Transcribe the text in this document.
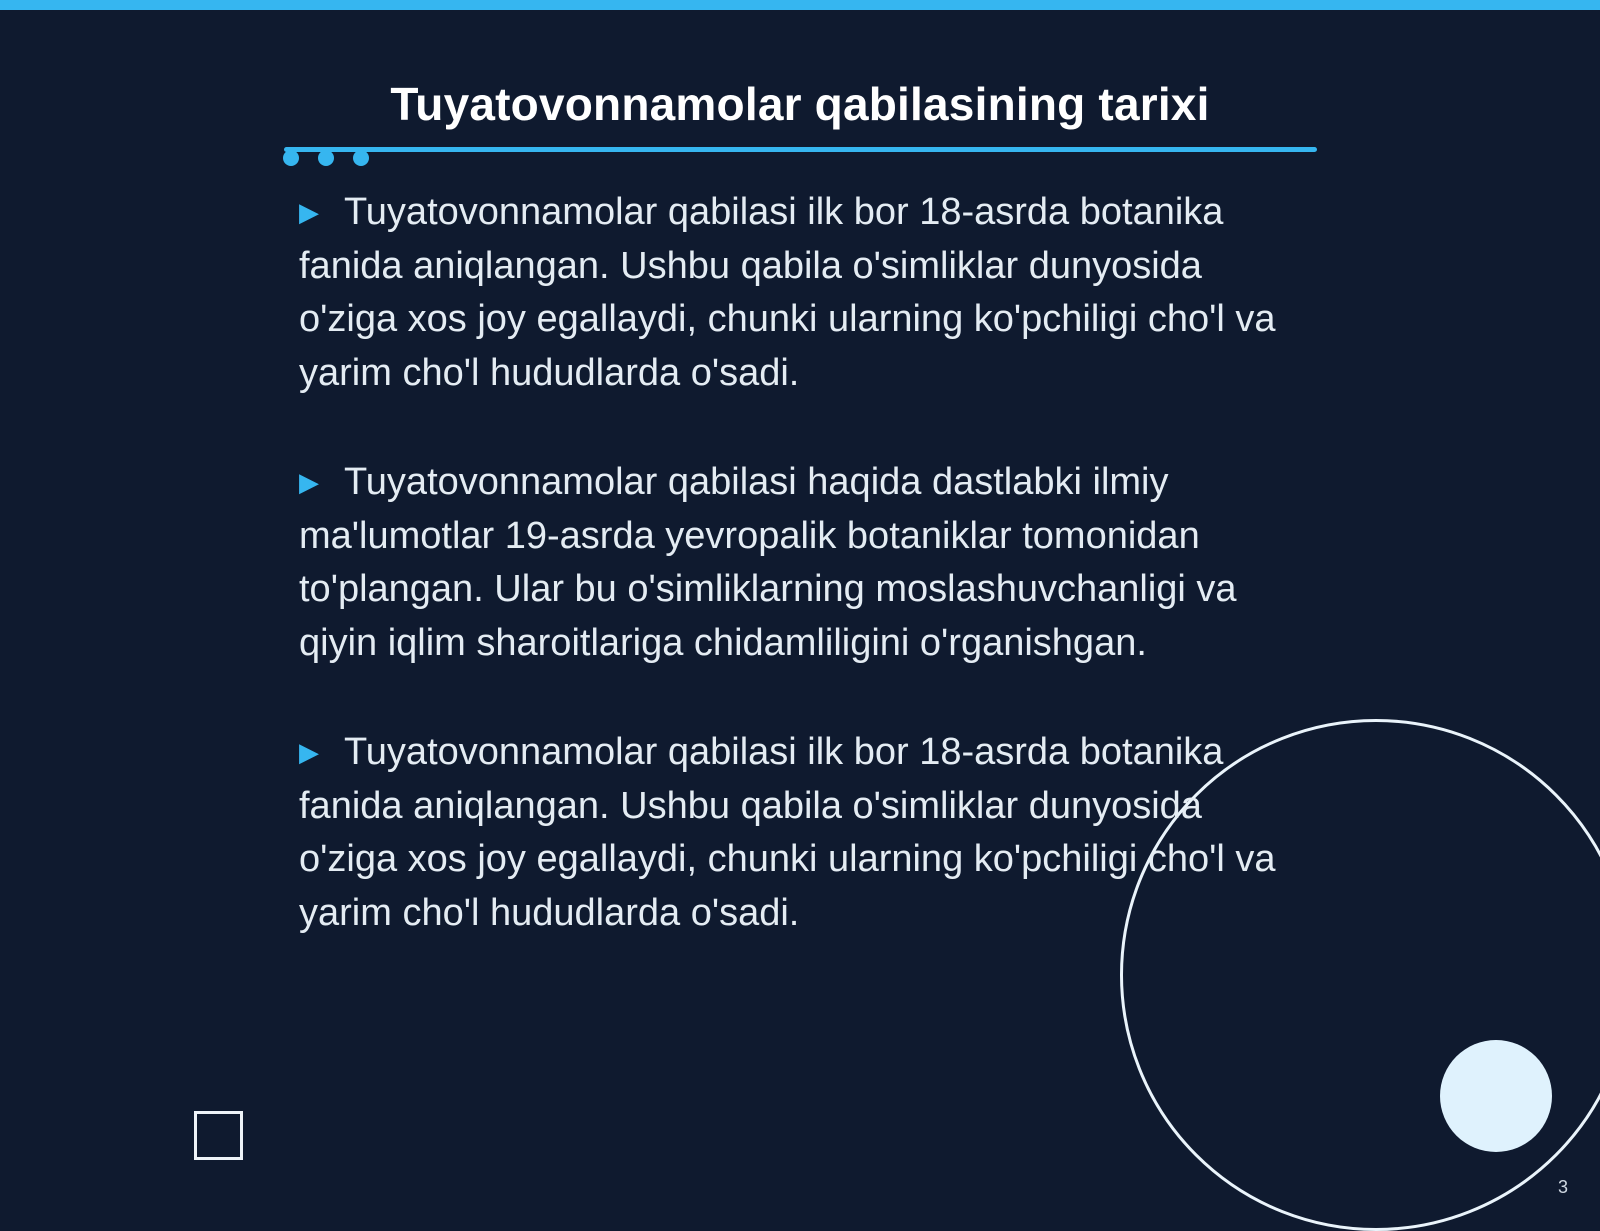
Tuyatovonnamolar qabilasining tarixi
▶ Tuyatovonnamolar qabilasi ilk bor 18-asrda botanika fanida aniqlangan. Ushbu qabila o'simliklar dunyosida o'ziga xos joy egallaydi, chunki ularning ko'pchiligi cho'l va yarim cho'l hududlarda o'sadi.
▶ Tuyatovonnamolar qabilasi haqida dastlabki ilmiy ma'lumotlar 19-asrda yevropalik botaniklar tomonidan to'plangan. Ular bu o'simliklarning moslashuvchanligi va qiyin iqlim sharoitlariga chidamliligini o'rganishgan.
▶ Tuyatovonnamolar qabilasi ilk bor 18-asrda botanika fanida aniqlangan. Ushbu qabila o'simliklar dunyosida o'ziga xos joy egallaydi, chunki ularning ko'pchiligi cho'l va yarim cho'l hududlarda o'sadi.
3
